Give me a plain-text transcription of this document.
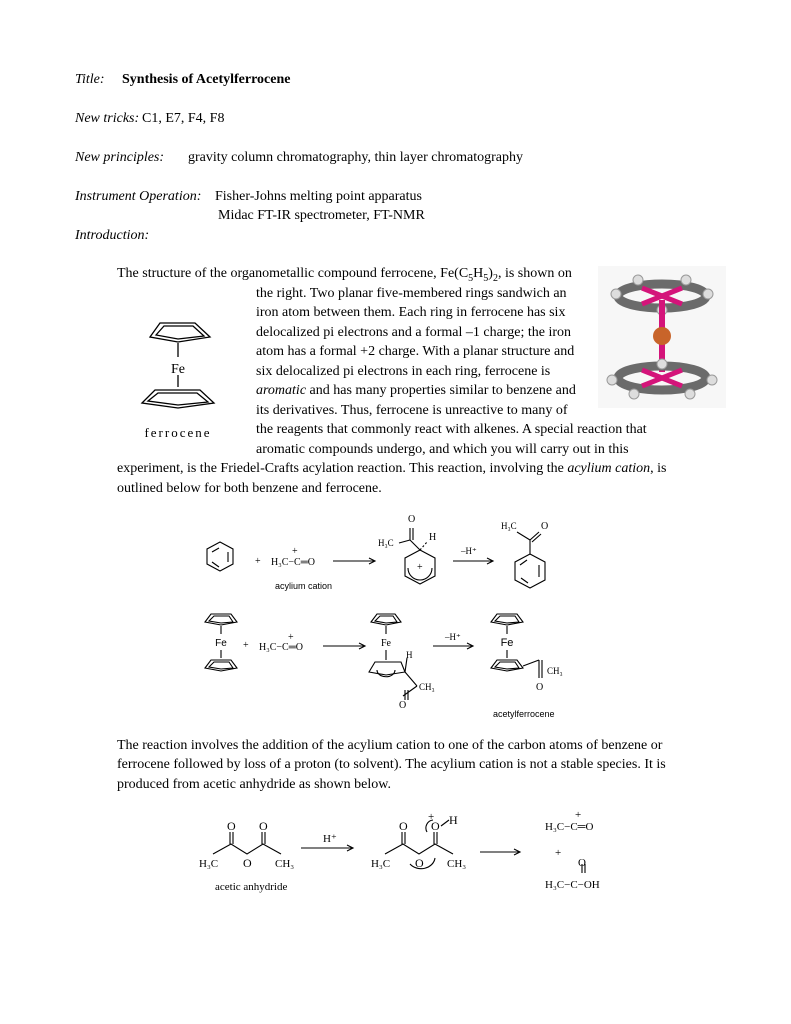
Title: Synthesis of Acetylferrocene
New tricks: C1, E7, F4, F8
New principles: gravity column chromatography, thin layer chromatography
Instrument Operation: Fisher-Johns melting point apparatus
Midac FT-IR spectrometer, FT-NMR
Introduction:
The structure of the organometallic compound ferrocene, $Fe(C_5H_5)_2$, is shown on
the right. Two planar five-membered rings sandwich an
iron atom between them. Each ring in ferrocene has six
delocalized pi electrons and a formal –1 charge; the iron
atom has a formal +2 charge. With a planar structure and
six delocalized pi electrons in each ring, ferrocene is
aromatic and has many properties similar to benzene and
its derivatives. Thus, ferrocene is unreactive to many of
the reagents that commonly react with alkenes. A special reaction that
aromatic compounds undergo, and which you will carry out in this
experiment, is the Friedel-Crafts acylation reaction. This reaction, involving the acylium cation, is
outlined below for both benzene and ferrocene.
Fe
ferrocene
+ H₃C−C═O
+
acylium cation
O
H₃C	H
+
–H⁺
H₃C O
Fe + H₃C−C═O
+
Fe
H
CH₃
O
–H⁺	Fe
CH₃
O
acetylferrocene
The reaction involves the addition of the acylium cation to one of the carbon atoms of benzene or
ferrocene followed by loss of a proton (to solvent). The acylium cation is not a stable species. It is
produced from acetic anhydride as shown below.
O O
O
H₃C	CH₃
acetic anhydride
H⁺
O O H
+
O
H₃C	CH₃
+
H₃C−C═O
+
O
H₃C−C−OH
